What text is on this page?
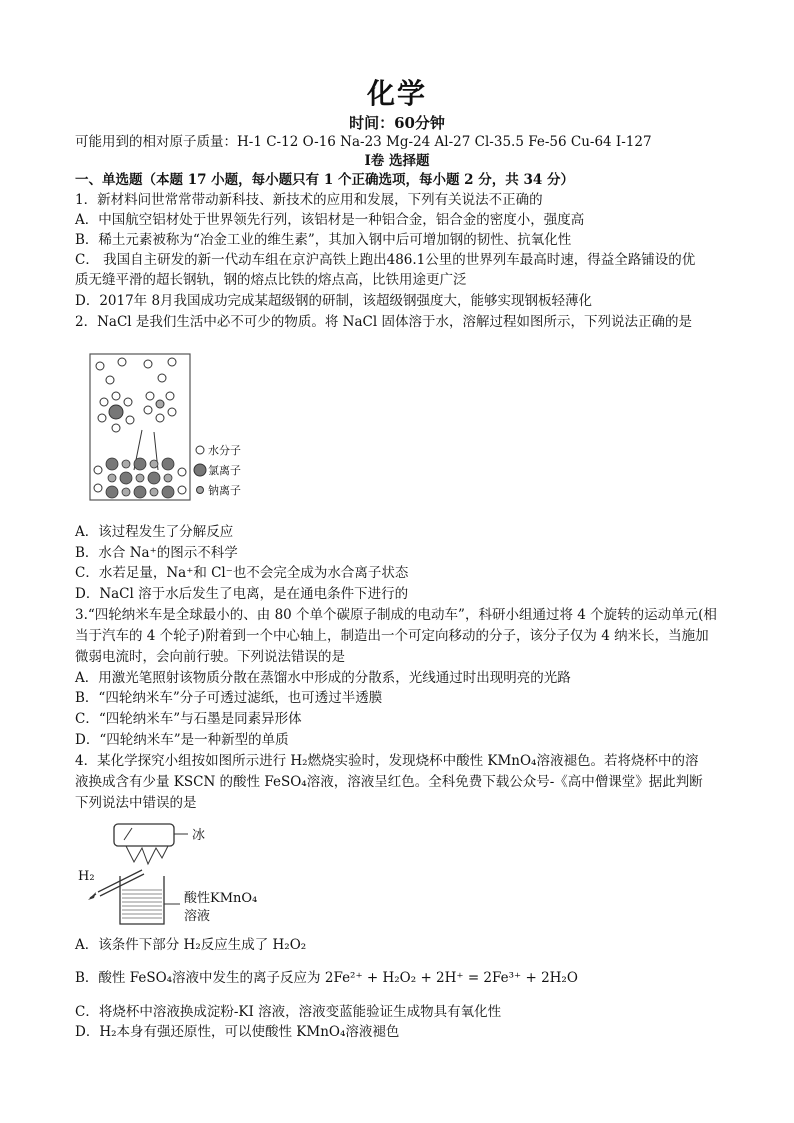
化学
时间：60分钟
可能用到的相对原子质量：H-1 C-12 O-16 Na-23 Mg-24 Al-27 Cl-35.5 Fe-56 Cu-64 I-127
I卷 选择题
一、单选题（本题 17 小题，每小题只有 1 个正确选项，每小题 2 分，共 34 分）
1．新材料问世常常带动新科技、新技术的应用和发展，下列有关说法不正确的
A．中国航空铝材处于世界领先行列，该铝材是一种铝合金，铝合金的密度小，强度高
B．稀土元素被称为“冶金工业的维生素”，其加入钢中后可增加钢的韧性、抗氧化性
C． 我国自主研发的新一代动车组在京沪高铁上跑出486.1公里的世界列车最高时速，得益全路铺设的优
质无缝平滑的超长钢轨，钢的熔点比铁的熔点高，比铁用途更广泛
D．2017年 8月我国成功完成某超级钢的研制，该超级钢强度大，能够实现钢板轻薄化
2．NaCl 是我们生活中必不可少的物质。将 NaCl 固体溶于水，溶解过程如图所示，下列说法正确的是
水分子
氯离子
钠离子
A．该过程发生了分解反应
B．水合 Na⁺的图示不科学
C．水若足量，Na⁺和 Cl⁻也不会完全成为水合离子状态
D．NaCl 溶于水后发生了电离，是在通电条件下进行的
3.“四轮纳米车是全球最小的、由 80 个单个碳原子制成的电动车”，科研小组通过将 4 个旋转的运动单元(相
当于汽车的 4 个轮子)附着到一个中心轴上，制造出一个可定向移动的分子，该分子仅为 4 纳米长，当施加
微弱电流时，会向前行驶。下列说法错误的是
A．用激光笔照射该物质分散在蒸馏水中形成的分散系，光线通过时出现明亮的光路
B．“四轮纳米车”分子可透过滤纸，也可透过半透膜
C．“四轮纳米车”与石墨是同素异形体
D．“四轮纳米车”是一种新型的单质
4．某化学探究小组按如图所示进行 H₂燃烧实验时，发现烧杯中酸性 KMnO₄溶液褪色。若将烧杯中的溶
液换成含有少量 KSCN 的酸性 FeSO₄溶液，溶液呈红色。全科免费下载公众号-《高中僧课堂》据此判断
下列说法中错误的是
冰
H₂
酸性KMnO₄
溶液
A．该条件下部分 H₂反应生成了 H₂O₂
B．酸性 FeSO₄溶液中发生的离子反应为 2Fe²⁺ + H₂O₂ + 2H⁺ = 2Fe³⁺ + 2H₂O
C．将烧杯中溶液换成淀粉-KI 溶液，溶液变蓝能验证生成物具有氧化性
D．H₂本身有强还原性，可以使酸性 KMnO₄溶液褪色
